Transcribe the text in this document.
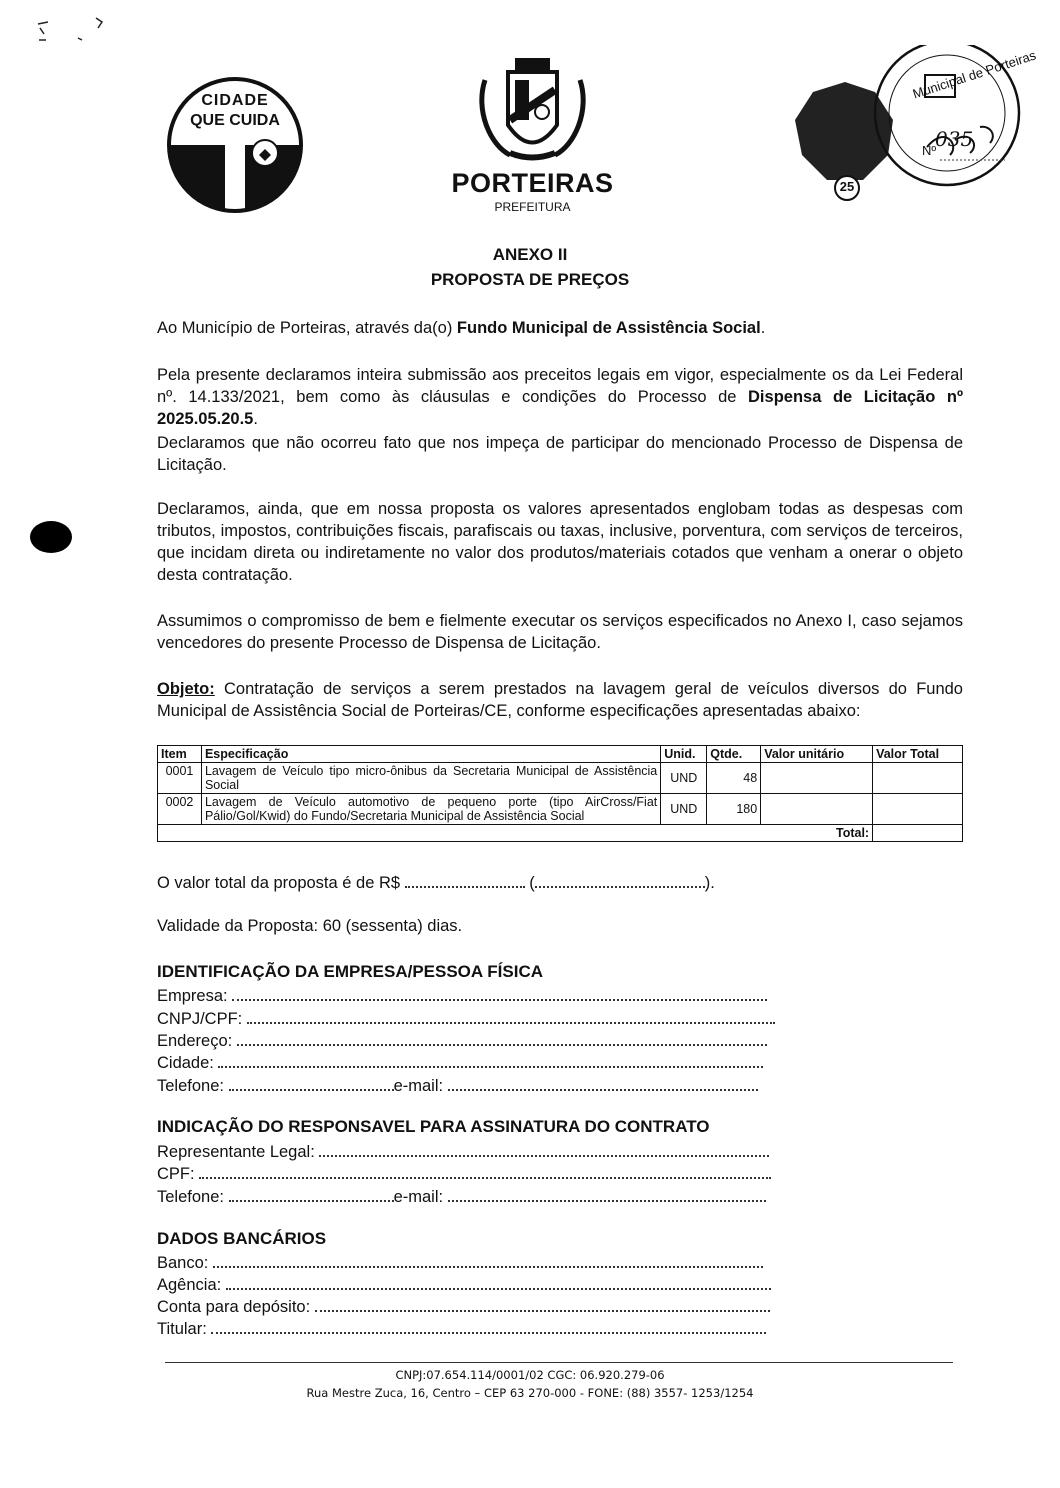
CIDADE
QUE CUIDA
PORTEIRAS
PREFEITURA
Municipal de Porteiras
Nº
035
25
ANEXO II
PROPOSTA DE PREÇOS
Ao Município de Porteiras, através da(o) Fundo Municipal de Assistência Social.
Pela presente declaramos inteira submissão aos preceitos legais em vigor, especialmente os da Lei Federal nº. 14.133/2021, bem como às cláusulas e condições do Processo de Dispensa de Licitação nº 2025.05.20.5.
Declaramos que não ocorreu fato que nos impeça de participar do mencionado Processo de Dispensa de Licitação.
Declaramos, ainda, que em nossa proposta os valores apresentados englobam todas as despesas com tributos, impostos, contribuições fiscais, parafiscais ou taxas, inclusive, porventura, com serviços de terceiros, que incidam direta ou indiretamente no valor dos produtos/materiais cotados que venham a onerar o objeto desta contratação.
Assumimos o compromisso de bem e fielmente executar os serviços especificados no Anexo I, caso sejamos vencedores do presente Processo de Dispensa de Licitação.
Objeto: Contratação de serviços a serem prestados na lavagem geral de veículos diversos do Fundo Municipal de Assistência Social de Porteiras/CE, conforme especificações apresentadas abaixo:
Item	Especificação	Unid.	Qtde.	Valor unitário	Valor Total
0001	Lavagem de Veículo tipo micro-ônibus da Secretaria Municipal de Assistência Social	UND	48		
0002	Lavagem de Veículo automotivo de pequeno porte (tipo AirCross/Fiat Pálio/Gol/Kwid) do Fundo/Secretaria Municipal de Assistência Social	UND	180		
Total:					
O valor total da proposta é de R$	(	).
Validade da Proposta: 60 (sessenta) dias.
IDENTIFICAÇÃO DA EMPRESA/PESSOA FÍSICA
Empresa:
CNPJ/CPF:
Endereço:
Cidade:
Telefone:	e-mail:
INDICAÇÃO DO RESPONSAVEL PARA ASSINATURA DO CONTRATO
Representante Legal:
CPF:
Telefone:	e-mail:
DADOS BANCÁRIOS
Banco:
Agência:
Conta para depósito:
Titular:
CNPJ:07.654.114/0001/02 CGC: 06.920.279-06
Rua Mestre Zuca, 16, Centro – CEP 63 270-000 - FONE: (88) 3557- 1253/1254
